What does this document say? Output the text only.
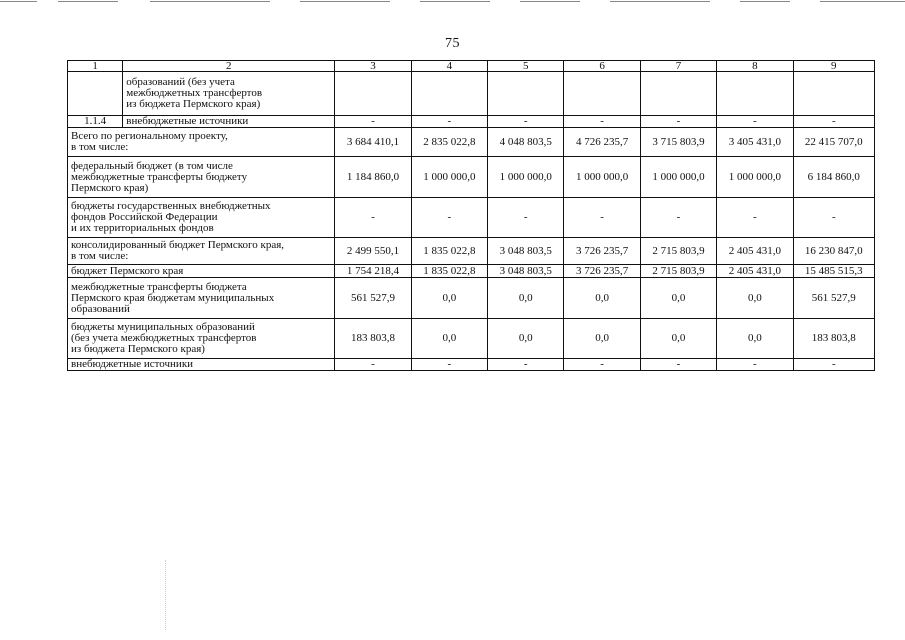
75
1	2	3	4	5	6	7	8	9
	образований (без учета
межбюджетных трансфертов
из бюджета Пермского края)							
1.1.4	внебюджетные источники	-	-	-	-	-	-	-
Всего по региональному проекту,
в том числе:		3 684 410,1	2 835 022,8	4 048 803,5	4 726 235,7	3 715 803,9	3 405 431,0	22 415 707,0
федеральный бюджет (в том числе
межбюджетные трансферты бюджету
Пермского края)		1 184 860,0	1 000 000,0	1 000 000,0	1 000 000,0	1 000 000,0	1 000 000,0	6 184 860,0
бюджеты государственных внебюджетных
фондов Российской Федерации
и их территориальных фондов		-	-	-	-	-	-	-
консолидированный бюджет Пермского края,
в том числе:		2 499 550,1	1 835 022,8	3 048 803,5	3 726 235,7	2 715 803,9	2 405 431,0	16 230 847,0
бюджет Пермского края		1 754 218,4	1 835 022,8	3 048 803,5	3 726 235,7	2 715 803,9	2 405 431,0	15 485 515,3
межбюджетные трансферты бюджета
Пермского края бюджетам муниципальных
образований		561 527,9	0,0	0,0	0,0	0,0	0,0	561 527,9
бюджеты муниципальных образований
(без учета межбюджетных трансфертов
из бюджета Пермского края)		183 803,8	0,0	0,0	0,0	0,0	0,0	183 803,8
внебюджетные источники		-	-	-	-	-	-	-
